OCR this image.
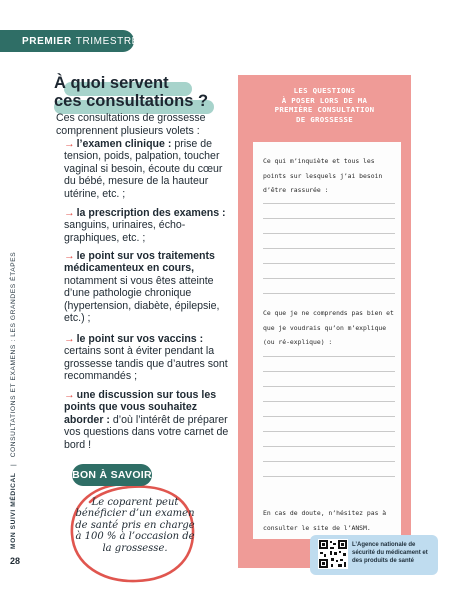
PREMIER TRIMESTRE
MON SUIVI MÉDICAL | CONSULTATIONS ET EXAMENS : LES GRANDES ÉTAPES
28
À quoi servent
ces consultations ?
Ces consultations de grossesse comprennent plusieurs volets :
→ l’examen clinique : prise de tension, poids, palpation, toucher vaginal si besoin, écoute du cœur du bébé, mesure de la hauteur utérine, etc. ;
→ la prescription des examens : sanguins, urinaires, écho-graphiques, etc. ;
→ le point sur vos traitements médicamenteux en cours, notamment si vous êtes atteinte d’une pathologie chronique (hypertension, diabète, épilepsie, etc.) ;
→ le point sur vos vaccins : certains sont à éviter pendant la grossesse tandis que d’autres sont recommandés ;
→ une discussion sur tous les points que vous souhaitez aborder : d’où l’intérêt de préparer vos questions dans votre carnet de bord !
BON À SAVOIR
Le coparent peut bénéficier d’un examen de santé pris en charge à 100 % à l’occasion de la grossesse.
LES QUESTIONS
À POSER LORS DE MA
PREMIÈRE CONSULTATION
DE GROSSESSE
Ce qui m’inquiète et tous les points sur lesquels j’ai besoin d’être rassurée :
Ce que je ne comprends pas bien et que je voudrais qu’on m’explique (ou ré-explique) :
En cas de doute, n’hésitez pas à consulter le site de l’ANSM.
L’Agence nationale de sécurité du médicament et des produits de santé
